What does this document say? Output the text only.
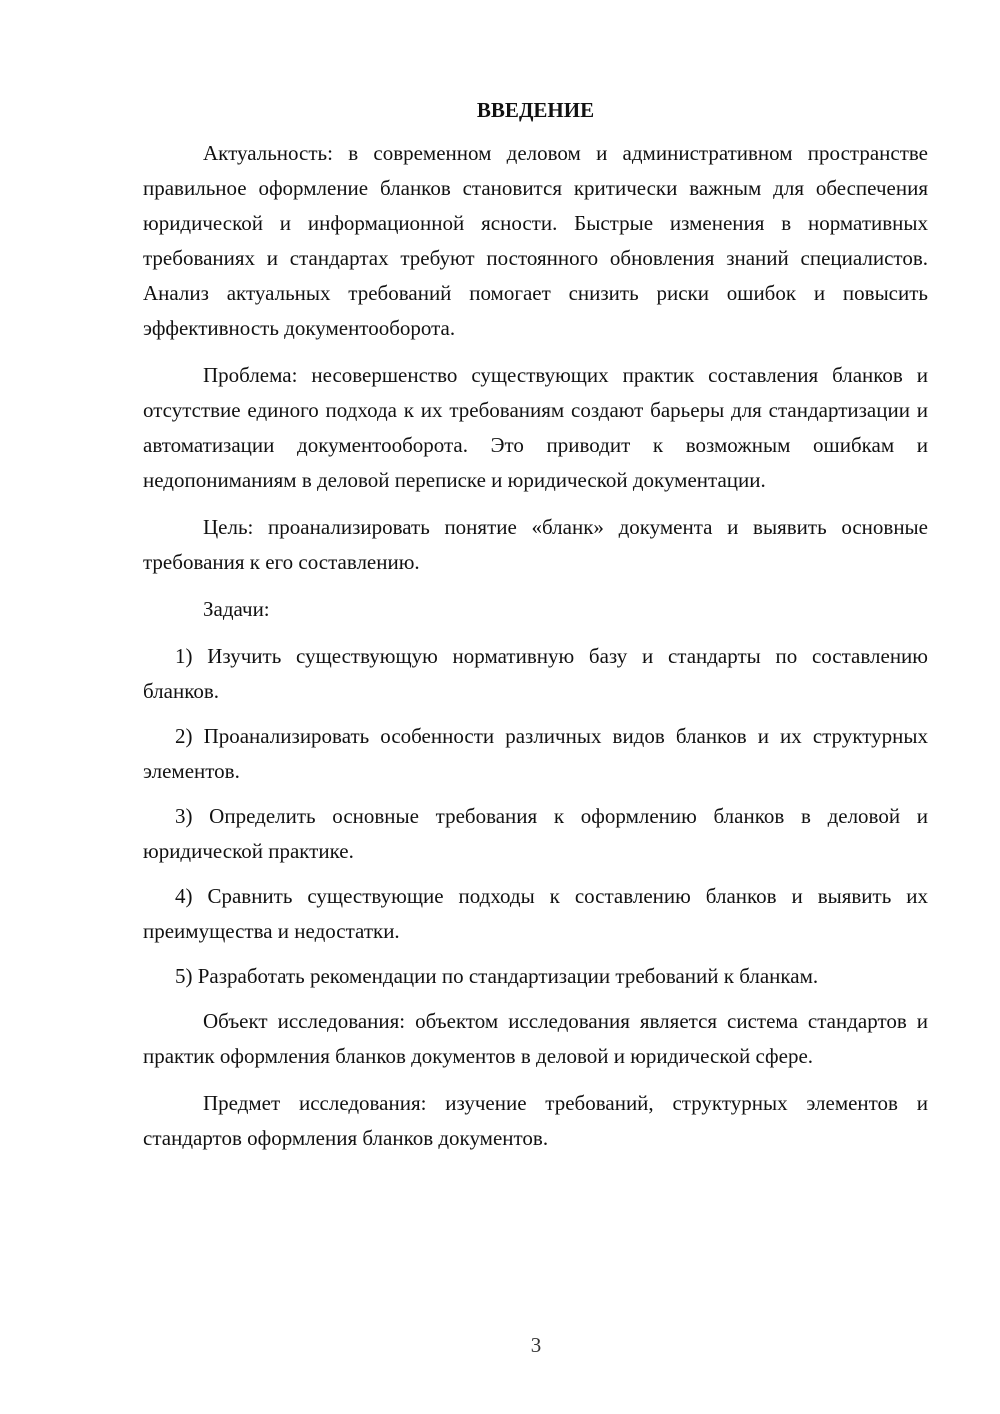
ВВЕДЕНИЕ

Актуальность: в современном деловом и административном пространстве правильное оформление бланков становится критически важным для обеспечения юридической и информационной ясности. Быстрые изменения в нормативных требованиях и стандартах требуют постоянного обновления знаний специалистов. Анализ актуальных требований помогает снизить риски ошибок и повысить эффективность документооборота.

Проблема: несовершенство существующих практик составления бланков и отсутствие единого подхода к их требованиям создают барьеры для стандартизации и автоматизации документооборота. Это приводит к возможным ошибкам и недопониманиям в деловой переписке и юридической документации.

Цель: проанализировать понятие «бланк» документа и выявить основные требования к его составлению.

Задачи:

1) Изучить существующую нормативную базу и стандарты по составлению бланков.

2) Проанализировать особенности различных видов бланков и их структурных элементов.

3) Определить основные требования к оформлению бланков в деловой и юридической практике.

4) Сравнить существующие подходы к составлению бланков и выявить их преимущества и недостатки.

5) Разработать рекомендации по стандартизации требований к бланкам.

Объект исследования: объектом исследования является система стандартов и практик оформления бланков документов в деловой и юридической сфере.

Предмет исследования: изучение требований, структурных элементов и стандартов оформления бланков документов.

3
